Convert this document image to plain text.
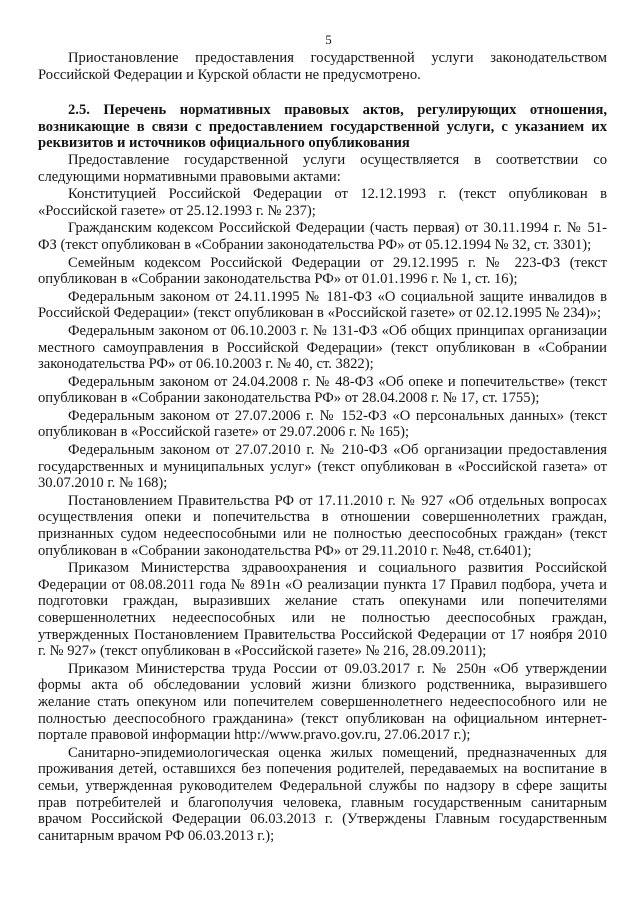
5

Приостановление предоставления государственной услуги законодательством Российской Федерации и Курской области не предусмотрено.

2.5. Перечень нормативных правовых актов, регулирующих отношения, возникающие в связи с предоставлением государственной услуги, с указанием их реквизитов и источников официального опубликования

Предоставление государственной услуги осуществляется в соответствии со следующими нормативными правовыми актами:

Конституцией Российской Федерации от 12.12.1993 г. (текст опубликован в «Российской газете» от 25.12.1993 г. № 237);

Гражданским кодексом Российской Федерации (часть первая) от 30.11.1994 г. № 51-ФЗ (текст опубликован в «Собрании законодательства РФ» от 05.12.1994 № 32, ст. 3301);

Семейным кодексом Российской Федерации от 29.12.1995 г. № 223-ФЗ (текст опубликован в «Собрании законодательства РФ» от 01.01.1996 г. № 1, ст. 16);

Федеральным законом от 24.11.1995 № 181-ФЗ «О социальной защите инвалидов в Российской Федерации» (текст опубликован в «Российской газете» от 02.12.1995 № 234)»;

Федеральным законом от 06.10.2003 г. № 131-ФЗ «Об общих принципах организации местного самоуправления в Российской Федерации» (текст опубликован в «Собрании законодательства РФ» от 06.10.2003 г. № 40, ст. 3822);

Федеральным законом от 24.04.2008 г. № 48-ФЗ «Об опеке и попечительстве» (текст опубликован в «Собрании законодательства РФ» от 28.04.2008 г. № 17, ст. 1755);

Федеральным законом от 27.07.2006 г. № 152-ФЗ «О персональных данных» (текст опубликован в «Российской газете» от 29.07.2006 г. № 165);

Федеральным законом от 27.07.2010 г. № 210-ФЗ «Об организации предоставления государственных и муниципальных услуг» (текст опубликован в «Российской газета» от 30.07.2010 г. № 168);

Постановлением Правительства РФ от 17.11.2010 г. № 927 «Об отдельных вопросах осуществления опеки и попечительства в отношении совершеннолетних граждан, признанных судом недееспособными или не полностью дееспособных граждан» (текст опубликован в «Собрании законодательства РФ» от 29.11.2010 г. №48, ст.6401);

Приказом Министерства здравоохранения и социального развития Российской Федерации от 08.08.2011 года № 891н «О реализации пункта 17 Правил подбора, учета и подготовки граждан, выразивших желание стать опекунами или попечителями совершеннолетних недееспособных или не полностью дееспособных граждан, утвержденных Постановлением Правительства Российской Федерации от 17 ноября 2010 г. № 927» (текст опубликован в «Российской газете» № 216, 28.09.2011);

Приказом Министерства труда России от 09.03.2017 г. № 250н «Об утверждении формы акта об обследовании условий жизни близкого родственника, выразившего желание стать опекуном или попечителем совершеннолетнего недееспособного или не полностью дееспособного гражданина» (текст опубликован на официальном интернет-портале правовой информации http://www.pravo.gov.ru, 27.06.2017 г.);

Санитарно-эпидемиологическая оценка жилых помещений, предназначенных для проживания детей, оставшихся без попечения родителей, передаваемых на воспитание в семьи, утвержденная руководителем Федеральной службы по надзору в сфере защиты прав потребителей и благополучия человека, главным государственным санитарным врачом Российской Федерации 06.03.2013 г. (Утверждены Главным государственным санитарным врачом РФ 06.03.2013 г.);
